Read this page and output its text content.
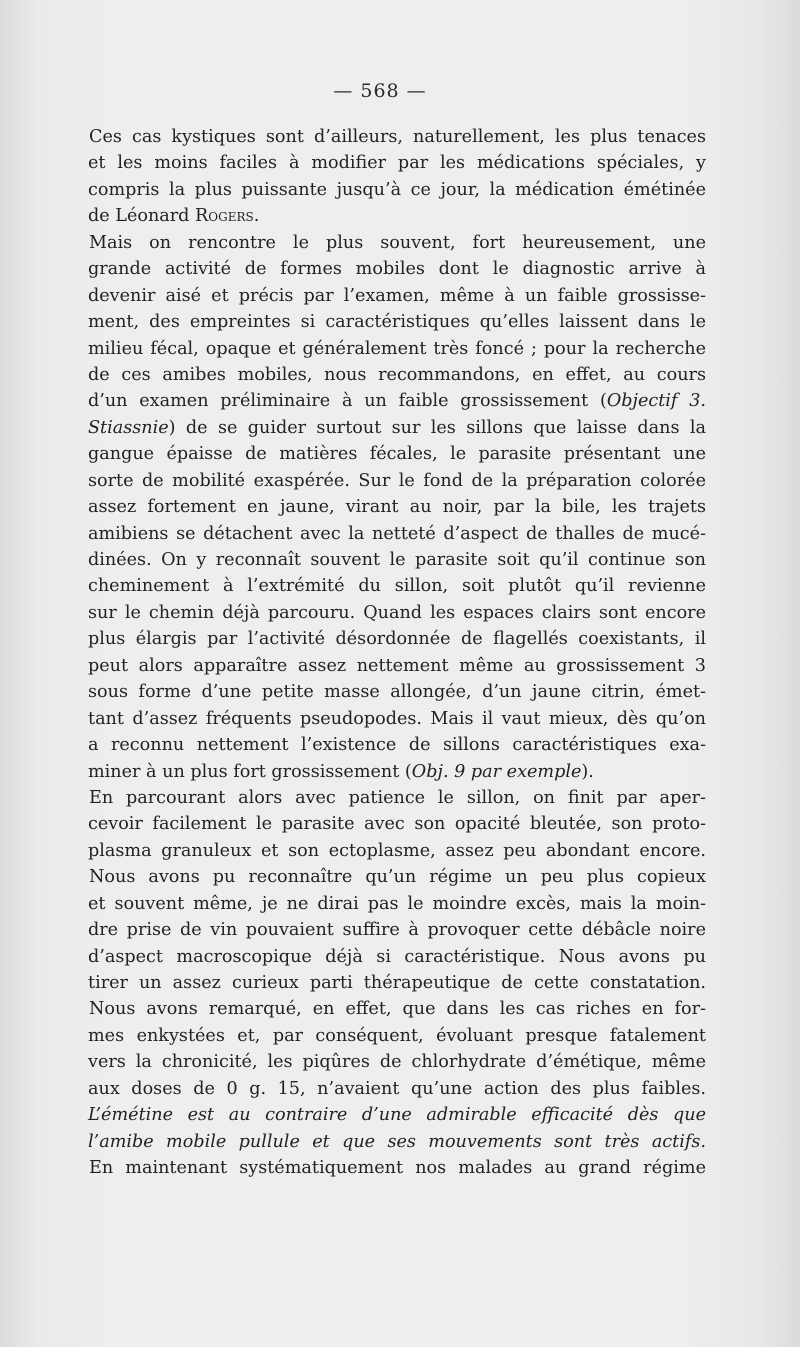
— 568 —
Ces cas kystiques sont d’ailleurs, naturellement, les plus tenaces
et les moins faciles à modifier par les médications spéciales, y
compris la plus puissante jusqu’à ce jour, la médication émétinée
de Léonard Rogers.
Mais on rencontre le plus souvent, fort heureusement, une
grande activité de formes mobiles dont le diagnostic arrive à
devenir aisé et précis par l’examen, même à un faible grossisse-
ment, des empreintes si caractéristiques qu’elles laissent dans le
milieu fécal, opaque et généralement très foncé ; pour la recherche
de ces amibes mobiles, nous recommandons, en effet, au cours
d’un examen préliminaire à un faible grossissement (Objectif 3.
Stiassnie) de se guider surtout sur les sillons que laisse dans la
gangue épaisse de matières fécales, le parasite présentant une
sorte de mobilité exaspérée. Sur le fond de la préparation colorée
assez fortement en jaune, virant au noir, par la bile, les trajets
amibiens se détachent avec la netteté d’aspect de thalles de mucé-
dinées. On y reconnaît souvent le parasite soit qu’il continue son
cheminement à l’extrémité du sillon, soit plutôt qu’il revienne
sur le chemin déjà parcouru. Quand les espaces clairs sont encore
plus élargis par l’activité désordonnée de flagellés coexistants, il
peut alors apparaître assez nettement même au grossissement 3
sous forme d’une petite masse allongée, d’un jaune citrin, émet-
tant d’assez fréquents pseudopodes. Mais il vaut mieux, dès qu’on
a reconnu nettement l’existence de sillons caractéristiques exa-
miner à un plus fort grossissement (Obj. 9 par exemple).
En parcourant alors avec patience le sillon, on finit par aper-
cevoir facilement le parasite avec son opacité bleutée, son proto-
plasma granuleux et son ectoplasme, assez peu abondant encore.
Nous avons pu reconnaître qu’un régime un peu plus copieux
et souvent même, je ne dirai pas le moindre excès, mais la moin-
dre prise de vin pouvaient suffire à provoquer cette débâcle noire
d’aspect macroscopique déjà si caractéristique. Nous avons pu
tirer un assez curieux parti thérapeutique de cette constatation.
Nous avons remarqué, en effet, que dans les cas riches en for-
mes enkystées et, par conséquent, évoluant presque fatalement
vers la chronicité, les piqûres de chlorhydrate d’émétique, même
aux doses de 0 g. 15, n’avaient qu’une action des plus faibles.
L’émétine est au contraire d’une admirable efficacité dès que
l’amibe mobile pullule et que ses mouvements sont très actifs.
En maintenant systématiquement nos malades au grand régime
